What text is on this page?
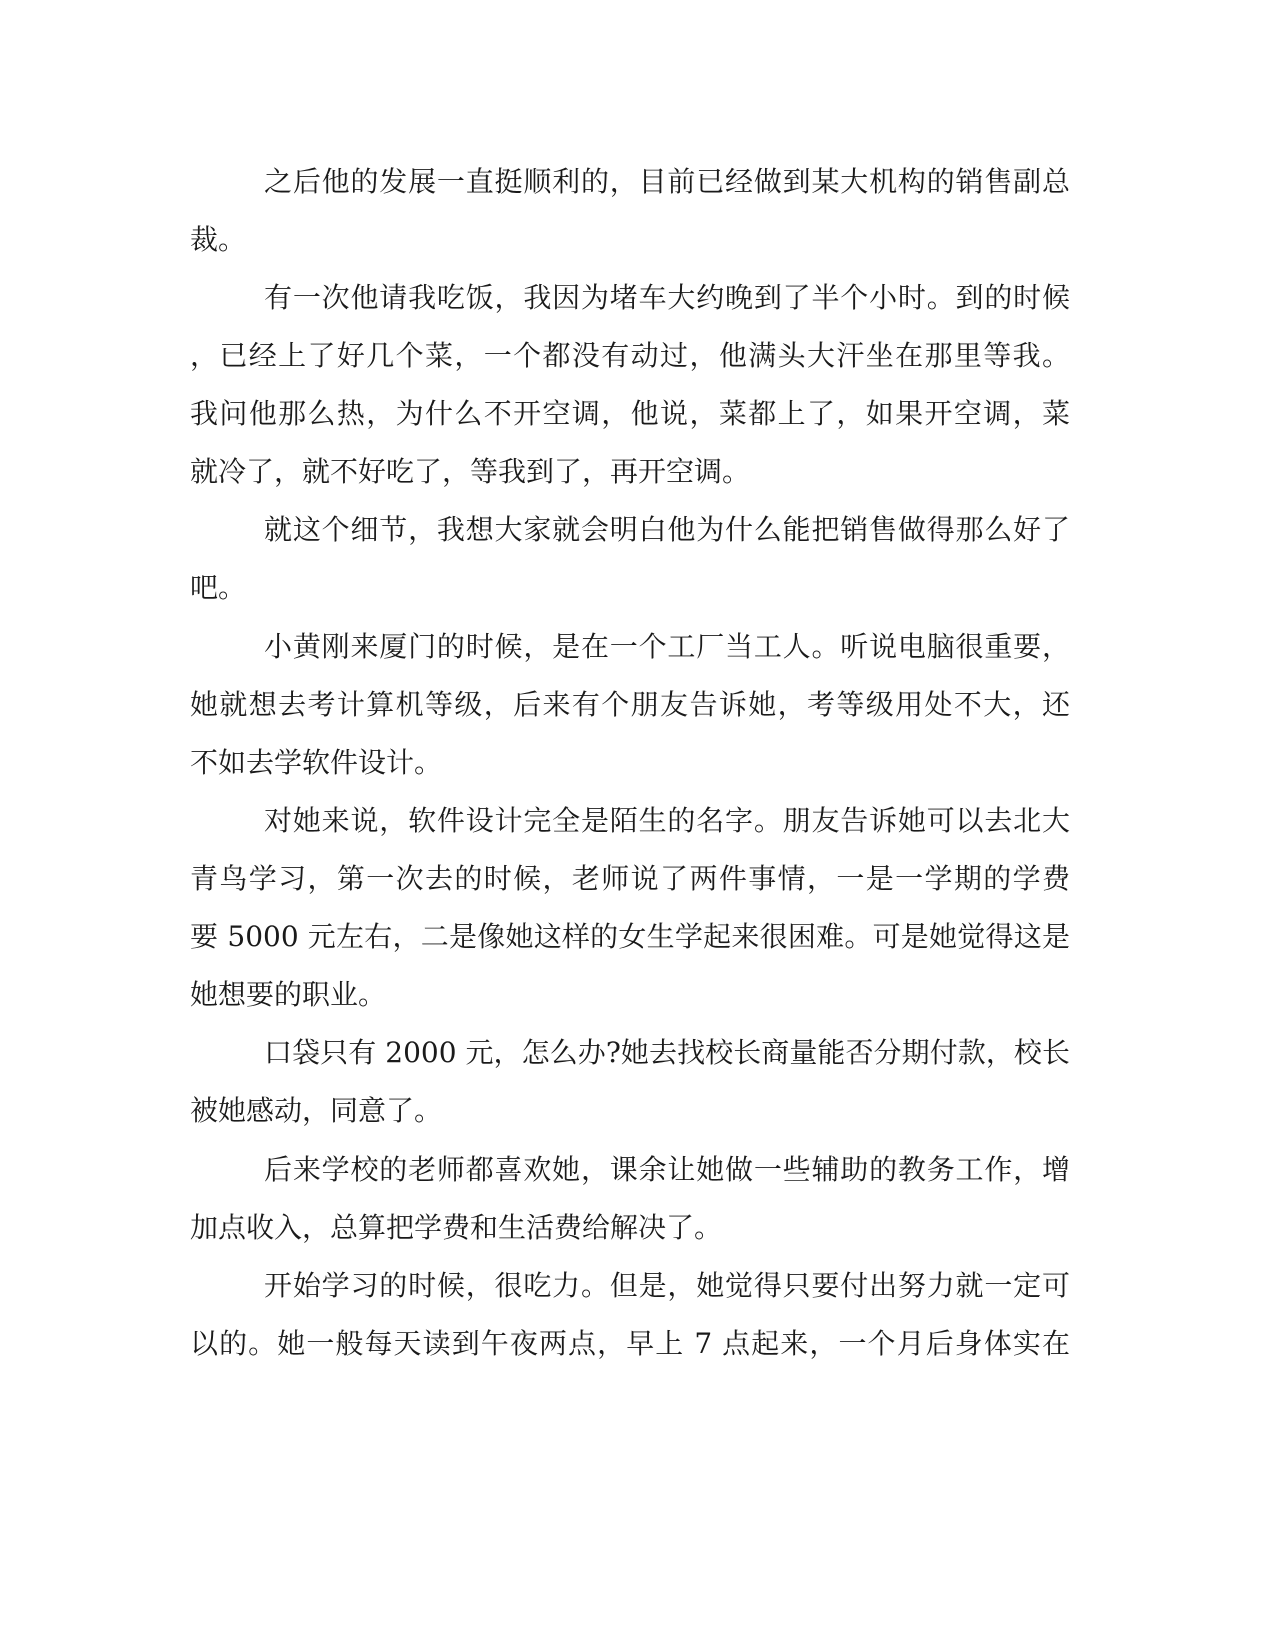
之后他的发展一直挺顺利的，目前已经做到某大机构的销售副总
裁。
有一次他请我吃饭，我因为堵车大约晚到了半个小时。到的时候
，已经上了好几个菜，一个都没有动过，他满头大汗坐在那里等我。
我问他那么热，为什么不开空调，他说，菜都上了，如果开空调，菜
就冷了，就不好吃了，等我到了，再开空调。
就这个细节，我想大家就会明白他为什么能把销售做得那么好了
吧。
小黄刚来厦门的时候，是在一个工厂当工人。听说电脑很重要，
她就想去考计算机等级，后来有个朋友告诉她，考等级用处不大，还
不如去学软件设计。
对她来说，软件设计完全是陌生的名字。朋友告诉她可以去北大
青鸟学习，第一次去的时候，老师说了两件事情，一是一学期的学费
要 5000 元左右，二是像她这样的女生学起来很困难。可是她觉得这是
她想要的职业。
口袋只有 2000 元，怎么办?她去找校长商量能否分期付款，校长
被她感动，同意了。
后来学校的老师都喜欢她，课余让她做一些辅助的教务工作，增
加点收入，总算把学费和生活费给解决了。
开始学习的时候，很吃力。但是，她觉得只要付出努力就一定可
以的。她一般每天读到午夜两点，早上 7 点起来，一个月后身体实在
